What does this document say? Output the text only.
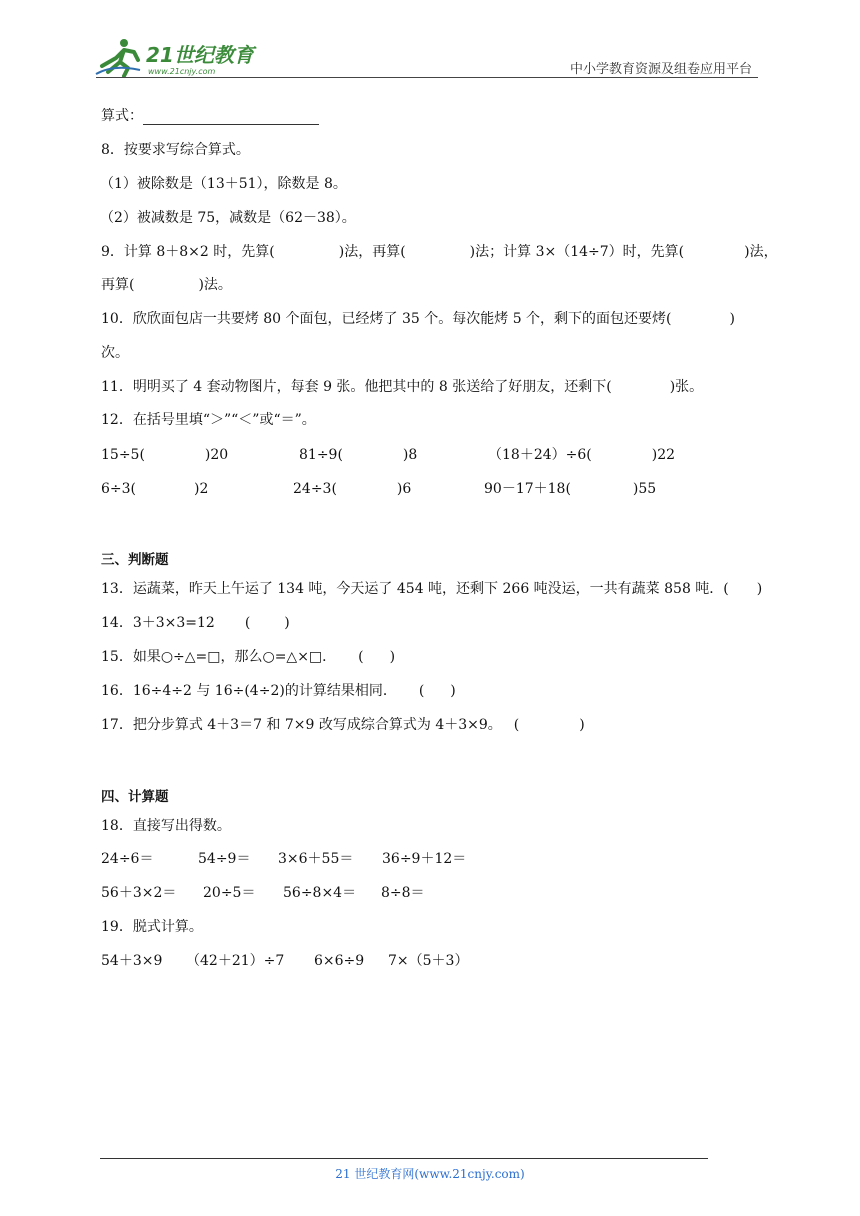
21世纪教育
www.21cnjy.com	中小学教育资源及组卷应用平台
算式：
8．按要求写综合算式。
（1）被除数是（13＋51），除数是 8。
（2）被减数是 75，减数是（62－38）。
9．计算 8＋8×2 时，先算(	)法，再算(	)法；计算 3×（14÷7）时，先算(	)法，
再算(	)法。
10．欣欣面包店一共要烤 80 个面包，已经烤了 35 个。每次能烤 5 个，剩下的面包还要烤(	)
次。
11．明明买了 4 套动物图片，每套 9 张。他把其中的 8 张送给了好朋友，还剩下(	)张。
12．在括号里填“＞”“＜”或“＝”。
15÷5(	)20	81÷9(	)8	（18＋24）÷6(	)22
6÷3(	)2	24÷3(	)6	90－17＋18(	)55
三、判断题
13．运蔬菜，昨天上午运了 134 吨，今天运了 454 吨，还剩下 266 吨没运，一共有蔬菜 858 吨．( )
14．3＋3×3=12 ( )
15．如果○÷△=□，那么○=△×□． ( )
16．16÷4÷2 与 16÷(4÷2)的计算结果相同． ( )
17．把分步算式 4＋3＝7 和 7×9 改写成综合算式为 4＋3×9。 (	)
四、计算题
18．直接写出得数。
24÷6＝	54÷9＝ 3×6＋55＝ 36÷9＋12＝
56＋3×2＝ 20÷5＝ 56÷8×4＝ 8÷8＝
19．脱式计算。
54＋3×9 （42＋21）÷7 6×6÷9 7×（5＋3）
21 世纪教育网(www.21cnjy.com)
